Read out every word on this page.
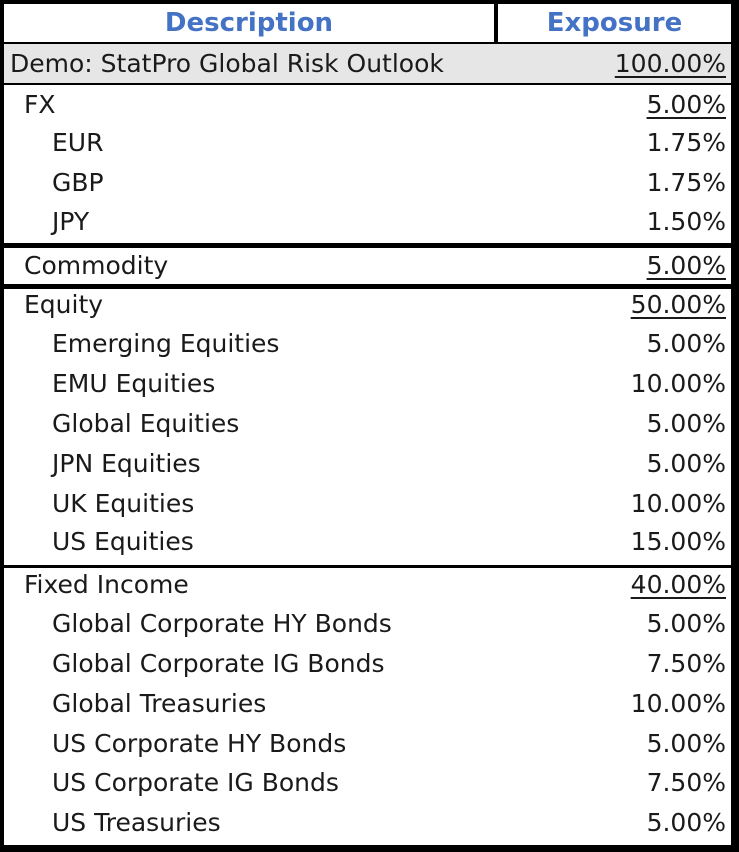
Description	Exposure
Demo: StatPro Global Risk Outlook	100.00%
FX	5.00%
EUR	1.75%
GBP	1.75%
JPY	1.50%
Commodity	5.00%
Equity	50.00%
Emerging Equities	5.00%
EMU Equities	10.00%
Global Equities	5.00%
JPN Equities	5.00%
UK Equities	10.00%
US Equities	15.00%
Fixed Income	40.00%
Global Corporate HY Bonds	5.00%
Global Corporate IG Bonds	7.50%
Global Treasuries	10.00%
US Corporate HY Bonds	5.00%
US Corporate IG Bonds	7.50%
US Treasuries	5.00%
